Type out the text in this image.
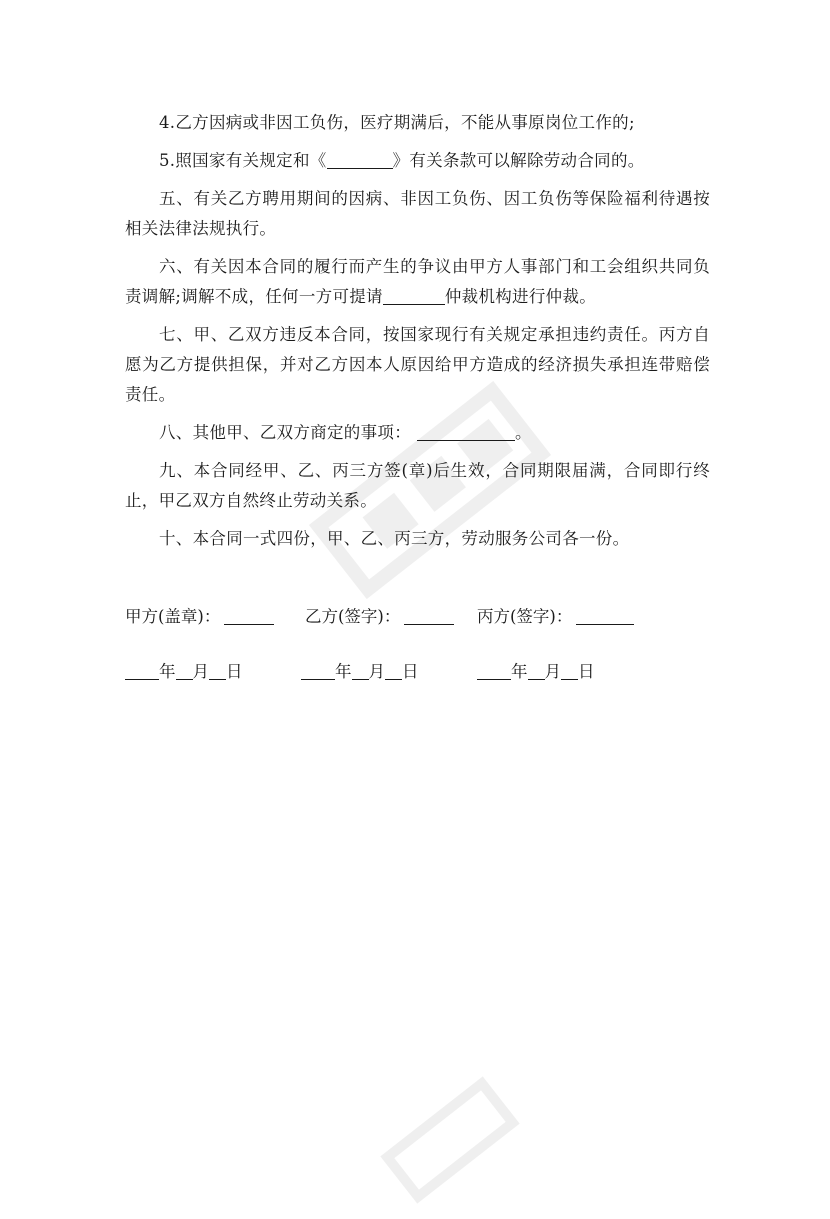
4.乙方因病或非因工负伤，医疗期满后，不能从事原岗位工作的;

5.照国家有关规定和《	》有关条款可以解除劳动合同的。

五、有关乙方聘用期间的因病、非因工负伤、因工负伤等保险福利待遇按相关法律法规执行。

六、有关因本合同的履行而产生的争议由甲方人事部门和工会组织共同负责调解;调解不成，任何一方可提请	仲裁机构进行仲裁。

七、甲、乙双方违反本合同，按国家现行有关规定承担违约责任。丙方自愿为乙方提供担保，并对乙方因本人原因给甲方造成的经济损失承担连带赔偿责任。

八、其他甲、乙双方商定的事项：	。

九、本合同经甲、乙、丙三方签(章)后生效，合同期限届满，合同即行终止，甲乙双方自然终止劳动关系。

十、本合同一式四份，甲、乙、丙三方，劳动服务公司各一份。

甲方(盖章)：	乙方(签字)：	丙方(签字)：
年 月 日	年 月 日	年 月 日
